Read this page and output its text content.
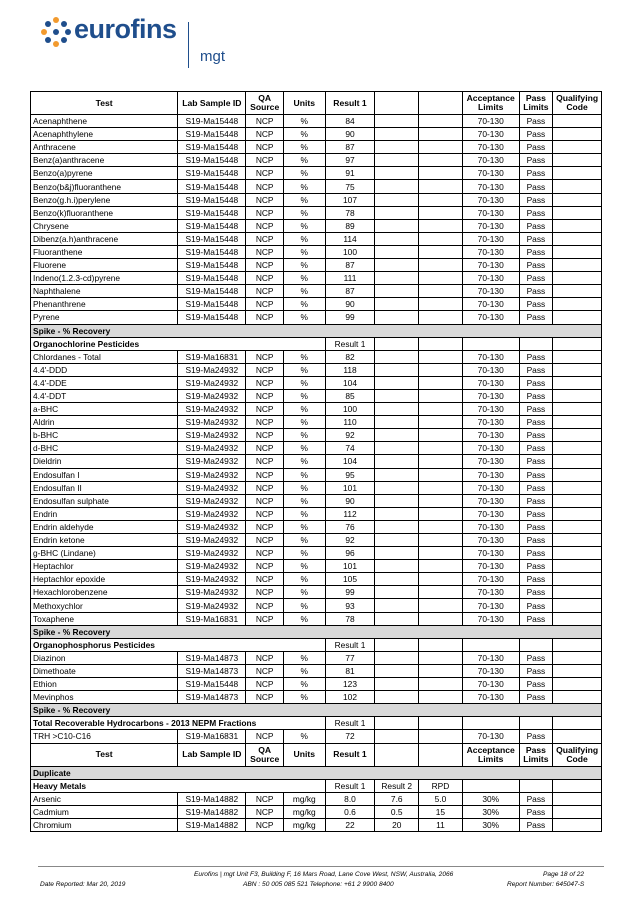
eurofins
mgt
Test	Lab Sample ID	QA Source	Units	Result 1			Acceptance Limits	Pass Limits	Qualifying Code
Acenaphthene	S19-Ma15448	NCP	%	84			70-130	Pass	
Acenaphthylene	S19-Ma15448	NCP	%	90			70-130	Pass	
Anthracene	S19-Ma15448	NCP	%	87			70-130	Pass	
Benz(a)anthracene	S19-Ma15448	NCP	%	97			70-130	Pass	
Benzo(a)pyrene	S19-Ma15448	NCP	%	91			70-130	Pass	
Benzo(b&j)fluoranthene	S19-Ma15448	NCP	%	75			70-130	Pass	
Benzo(g.h.i)perylene	S19-Ma15448	NCP	%	107			70-130	Pass	
Benzo(k)fluoranthene	S19-Ma15448	NCP	%	78			70-130	Pass	
Chrysene	S19-Ma15448	NCP	%	89			70-130	Pass	
Dibenz(a.h)anthracene	S19-Ma15448	NCP	%	114			70-130	Pass	
Fluoranthene	S19-Ma15448	NCP	%	100			70-130	Pass	
Fluorene	S19-Ma15448	NCP	%	87			70-130	Pass	
Indeno(1.2.3-cd)pyrene	S19-Ma15448	NCP	%	111			70-130	Pass	
Naphthalene	S19-Ma15448	NCP	%	87			70-130	Pass	
Phenanthrene	S19-Ma15448	NCP	%	90			70-130	Pass	
Pyrene	S19-Ma15448	NCP	%	99			70-130	Pass	
Spike - % Recovery									
Organochlorine Pesticides				Result 1					
Chlordanes - Total	S19-Ma16831	NCP	%	82			70-130	Pass	
4.4'-DDD	S19-Ma24932	NCP	%	118			70-130	Pass	
4.4'-DDE	S19-Ma24932	NCP	%	104			70-130	Pass	
4.4'-DDT	S19-Ma24932	NCP	%	85			70-130	Pass	
a-BHC	S19-Ma24932	NCP	%	100			70-130	Pass	
Aldrin	S19-Ma24932	NCP	%	110			70-130	Pass	
b-BHC	S19-Ma24932	NCP	%	92			70-130	Pass	
d-BHC	S19-Ma24932	NCP	%	74			70-130	Pass	
Dieldrin	S19-Ma24932	NCP	%	104			70-130	Pass	
Endosulfan I	S19-Ma24932	NCP	%	95			70-130	Pass	
Endosulfan II	S19-Ma24932	NCP	%	101			70-130	Pass	
Endosulfan sulphate	S19-Ma24932	NCP	%	90			70-130	Pass	
Endrin	S19-Ma24932	NCP	%	112			70-130	Pass	
Endrin aldehyde	S19-Ma24932	NCP	%	76			70-130	Pass	
Endrin ketone	S19-Ma24932	NCP	%	92			70-130	Pass	
g-BHC (Lindane)	S19-Ma24932	NCP	%	96			70-130	Pass	
Heptachlor	S19-Ma24932	NCP	%	101			70-130	Pass	
Heptachlor epoxide	S19-Ma24932	NCP	%	105			70-130	Pass	
Hexachlorobenzene	S19-Ma24932	NCP	%	99			70-130	Pass	
Methoxychlor	S19-Ma24932	NCP	%	93			70-130	Pass	
Toxaphene	S19-Ma16831	NCP	%	78			70-130	Pass	
Spike - % Recovery									
Organophosphorus Pesticides				Result 1					
Diazinon	S19-Ma14873	NCP	%	77			70-130	Pass	
Dimethoate	S19-Ma14873	NCP	%	81			70-130	Pass	
Ethion	S19-Ma15448	NCP	%	123			70-130	Pass	
Mevinphos	S19-Ma14873	NCP	%	102			70-130	Pass	
Spike - % Recovery									
Total Recoverable Hydrocarbons - 2013 NEPM Fractions				Result 1					
TRH >C10-C16	S19-Ma16831	NCP	%	72			70-130	Pass	
Test	Lab Sample ID	QA Source	Units	Result 1			Acceptance Limits	Pass Limits	Qualifying Code
Duplicate									
Heavy Metals				Result 1	Result 2	RPD			
Arsenic	S19-Ma14882	NCP	mg/kg	8.0	7.6	5.0	30%	Pass	
Cadmium	S19-Ma14882	NCP	mg/kg	0.6	0.5	15	30%	Pass	
Chromium	S19-Ma14882	NCP	mg/kg	22	20	11	30%	Pass	
Eurofins | mgt Unit F3, Building F, 16 Mars Road, Lane Cove West, NSW, Australia, 2066	Page 18 of 22
Date Reported: Mar 20, 2019	ABN : 50 005 085 521 Telephone: +61 2 9900 8400	Report Number: 645047-S
